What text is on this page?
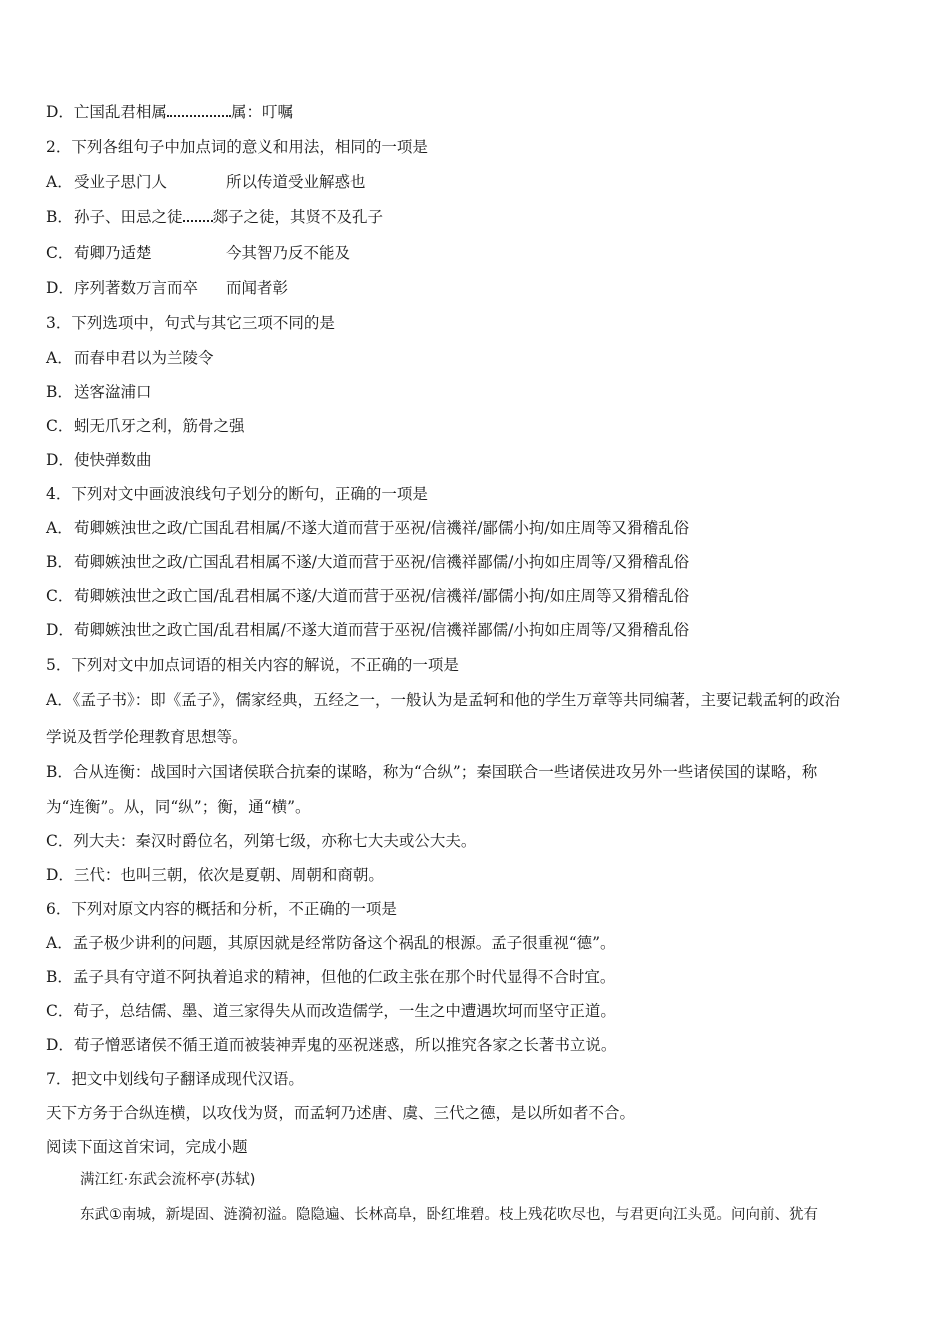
D．亡国乱君相属	属：叮嘱
2．下列各组句子中加点词的意义和用法，相同的一项是
A．受业子思门人	所以传道受业解惑也
B．孙子、田忌之徒 郯子之徒，其贤不及孔子
C．荀卿乃适楚	今其智乃反不能及
D．序列著数万言而卒 而闻者彰
3．下列选项中，句式与其它三项不同的是
A．而春申君以为兰陵令
B．送客湓浦口
C．蚓无爪牙之利，筋骨之强
D．使快弹数曲
4．下列对文中画波浪线句子划分的断句，正确的一项是
A．荀卿嫉浊世之政/亡国乱君相属/不遂大道而营于巫祝/信禨祥/鄙儒小拘/如庄周等又猾稽乱俗
B．荀卿嫉浊世之政/亡国乱君相属不遂/大道而营于巫祝/信禨祥鄙儒/小拘如庄周等/又猾稽乱俗
C．荀卿嫉浊世之政亡国/乱君相属不遂/大道而营于巫祝/信禨祥/鄙儒小拘/如庄周等又猾稽乱俗
D．荀卿嫉浊世之政亡国/乱君相属/不遂大道而营于巫祝/信禨祥鄙儒/小拘如庄周等/又猾稽乱俗
5．下列对文中加点词语的相关内容的解说，不正确的一项是
A．《孟子书》：即《孟子》，儒家经典，五经之一，一般认为是孟轲和他的学生万章等共同编著，主要记载孟轲的政治
学说及哲学伦理教育思想等。
B．合从连衡：战国时六国诸侯联合抗秦的谋略，称为“合纵”；秦国联合一些诸侯进攻另外一些诸侯国的谋略，称
为“连衡”。从，同“纵”；衡，通“横”。
C．列大夫：秦汉时爵位名，列第七级，亦称七大夫或公大夫。
D．三代：也叫三朝，依次是夏朝、周朝和商朝。
6．下列对原文内容的概括和分析，不正确的一项是
A．孟子极少讲利的问题，其原因就是经常防备这个祸乱的根源。孟子很重视“德”。
B．孟子具有守道不阿执着追求的精神，但他的仁政主张在那个时代显得不合时宜。
C．荀子，总结儒、墨、道三家得失从而改造儒学，一生之中遭遇坎坷而坚守正道。
D．荀子憎恶诸侯不循王道而被装神弄鬼的巫祝迷惑，所以推究各家之长著书立说。
7．把文中划线句子翻译成现代汉语。
天下方务于合纵连横，以攻伐为贤，而孟轲乃述唐、虞、三代之德，是以所如者不合。
阅读下面这首宋词，完成小题
满江红·东武会流杯亭(苏轼)
东武①南城，新堤固、涟漪初溢。隐隐遍、长林高阜，卧红堆碧。枝上残花吹尽也，与君更向江头觅。问向前、犹有
